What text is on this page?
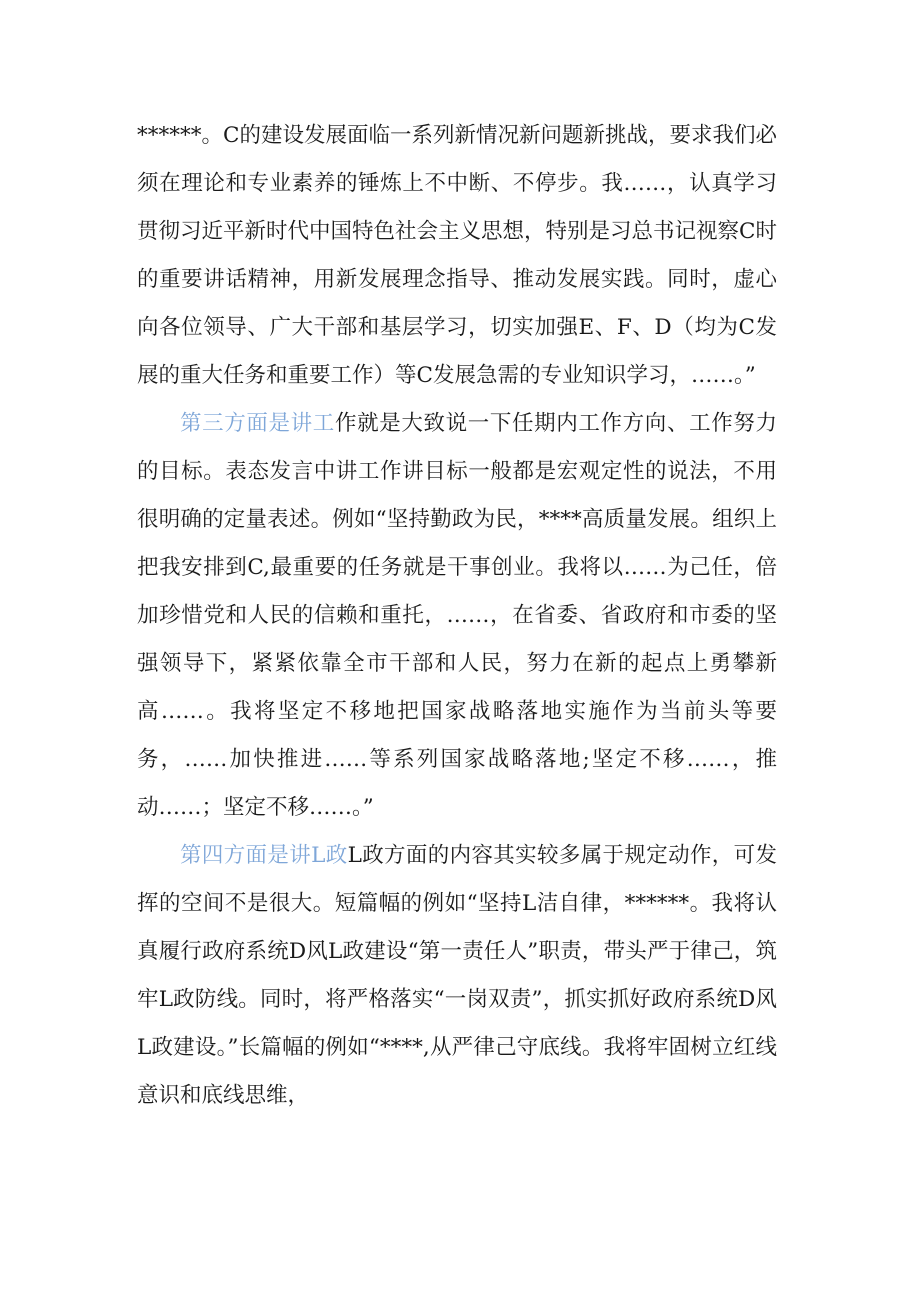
******。C的建设发展面临一系列新情况新问题新挑战，要求我们必须在理论和专业素养的锤炼上不中断、不停步。我……，认真学习贯彻习近平新时代中国特色社会主义思想，特别是习总书记视察C时的重要讲话精神，用新发展理念指导、推动发展实践。同时，虚心向各位领导、广大干部和基层学习，切实加强E、F、D（均为C发展的重大任务和重要工作）等C发展急需的专业知识学习，……。”

第三方面是讲工作就是大致说一下任期内工作方向、工作努力的目标。表态发言中讲工作讲目标一般都是宏观定性的说法，不用很明确的定量表述。例如“坚持勤政为民，****高质量发展。组织上把我安排到C,最重要的任务就是干事创业。我将以……为己任，倍加珍惜党和人民的信赖和重托，……，在省委、省政府和市委的坚强领导下，紧紧依靠全市干部和人民，努力在新的起点上勇攀新高……。我将坚定不移地把国家战略落地实施作为当前头等要务，……加快推进……等系列国家战略落地;坚定不移……，推动……；坚定不移……。”

第四方面是讲L政L政方面的内容其实较多属于规定动作，可发挥的空间不是很大。短篇幅的例如“坚持L洁自律，******。我将认真履行政府系统D风L政建设“第一责任人”职责，带头严于律己，筑牢L政防线。同时，将严格落实“一岗双责”，抓实抓好政府系统D风L政建设。”长篇幅的例如“****,从严律己守底线。我将牢固树立红线意识和底线思维，
